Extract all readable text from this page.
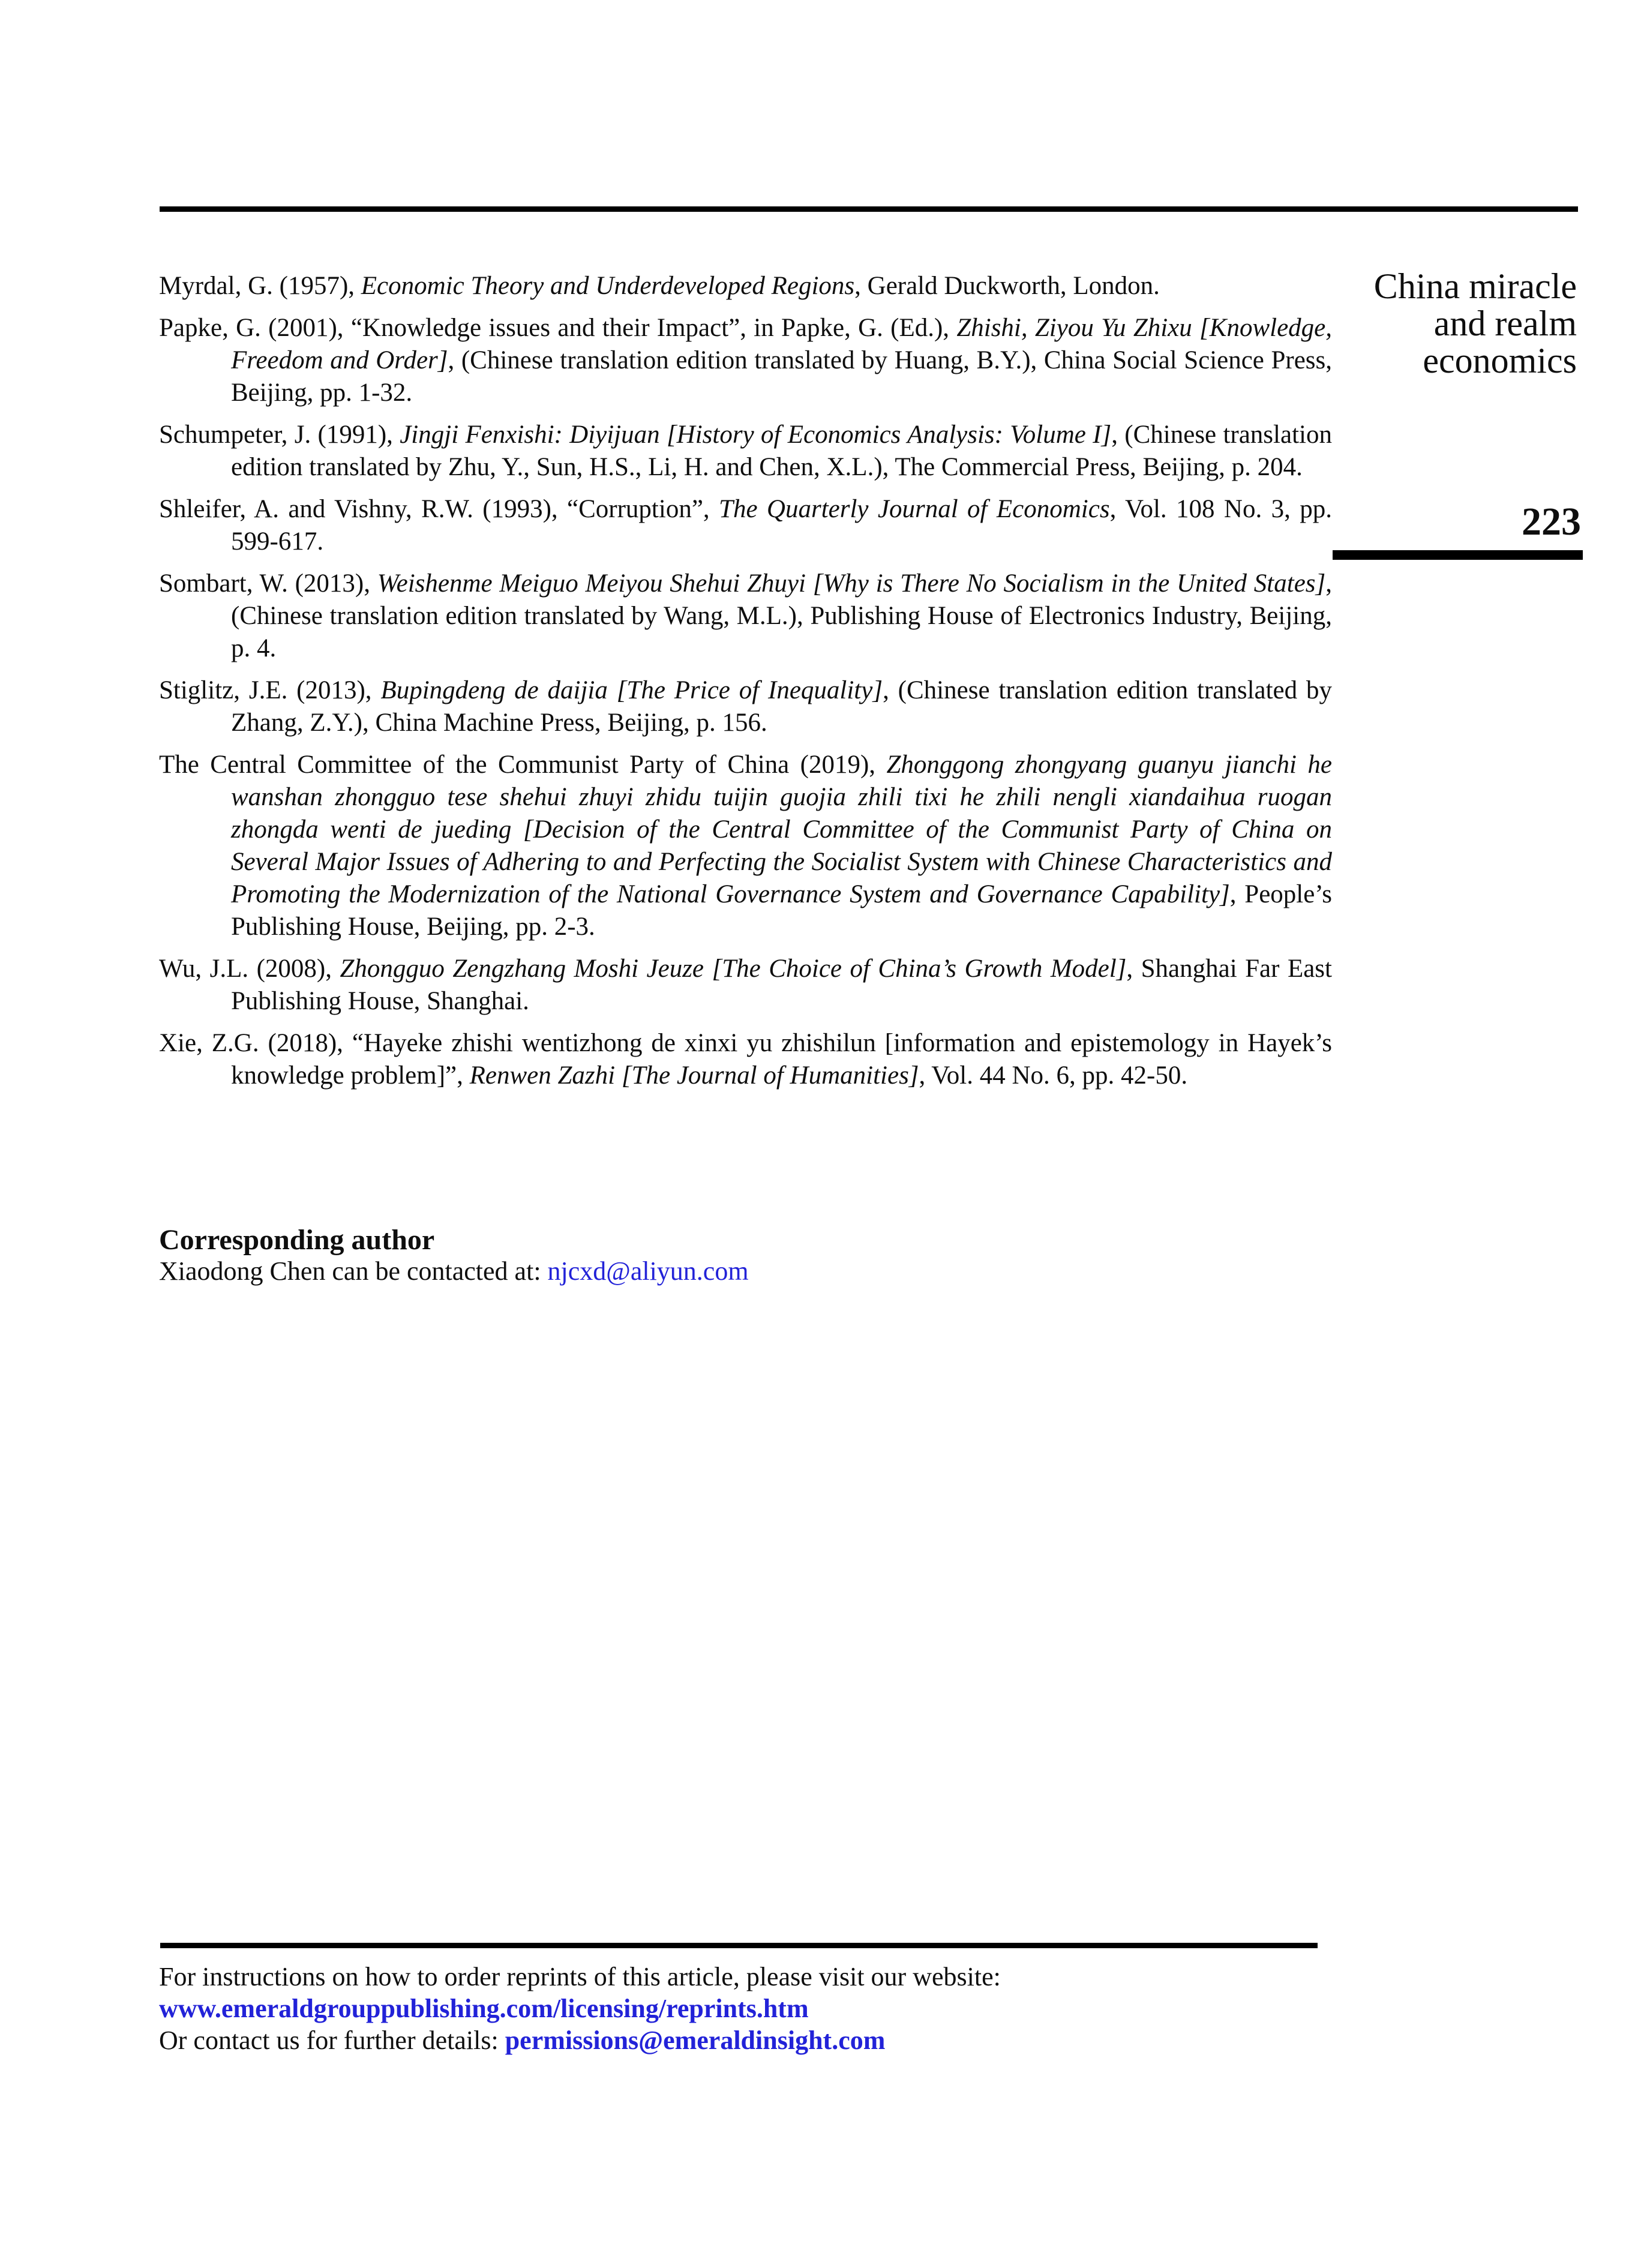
China miracle
and realm
economics
223

Myrdal, G. (1957), Economic Theory and Underdeveloped Regions, Gerald Duckworth, London.

Papke, G. (2001), “Knowledge issues and their Impact”, in Papke, G. (Ed.), Zhishi, Ziyou Yu Zhixu [Knowledge, Freedom and Order], (Chinese translation edition translated by Huang, B.Y.), China Social Science Press, Beijing, pp. 1-32.

Schumpeter, J. (1991), Jingji Fenxishi: Diyijuan [History of Economics Analysis: Volume I], (Chinese translation edition translated by Zhu, Y., Sun, H.S., Li, H. and Chen, X.L.), The Commercial Press, Beijing, p. 204.

Shleifer, A. and Vishny, R.W. (1993), “Corruption”, The Quarterly Journal of Economics, Vol. 108 No. 3, pp. 599-617.

Sombart, W. (2013), Weishenme Meiguo Meiyou Shehui Zhuyi [Why is There No Socialism in the United States], (Chinese translation edition translated by Wang, M.L.), Publishing House of Electronics Industry, Beijing, p. 4.

Stiglitz, J.E. (2013), Bupingdeng de daijia [The Price of Inequality], (Chinese translation edition translated by Zhang, Z.Y.), China Machine Press, Beijing, p. 156.

The Central Committee of the Communist Party of China (2019), Zhonggong zhongyang guanyu jianchi he wanshan zhongguo tese shehui zhuyi zhidu tuijin guojia zhili tixi he zhili nengli xiandaihua ruogan zhongda wenti de jueding [Decision of the Central Committee of the Communist Party of China on Several Major Issues of Adhering to and Perfecting the Socialist System with Chinese Characteristics and Promoting the Modernization of the National Governance System and Governance Capability], People’s Publishing House, Beijing, pp. 2-3.

Wu, J.L. (2008), Zhongguo Zengzhang Moshi Jeuze [The Choice of China’s Growth Model], Shanghai Far East Publishing House, Shanghai.

Xie, Z.G. (2018), “Hayeke zhishi wentizhong de xinxi yu zhishilun [information and epistemology in Hayek’s knowledge problem]”, Renwen Zazhi [The Journal of Humanities], Vol. 44 No. 6, pp. 42-50.

Corresponding author

Xiaodong Chen can be contacted at: njcxd@aliyun.com

For instructions on how to order reprints of this article, please visit our website:

www.emeraldgrouppublishing.com/licensing/reprints.htm

Or contact us for further details: permissions@emeraldinsight.com
